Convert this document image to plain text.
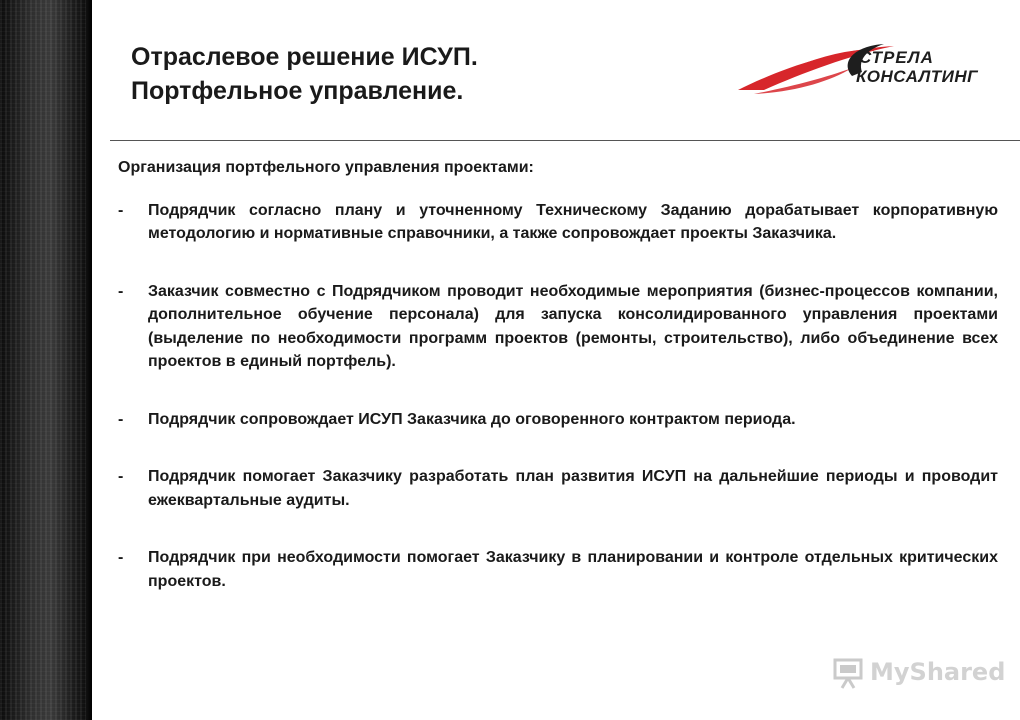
Отраслевое решение ИСУП.
Портфельное управление.
СТРЕЛА
КОНСАЛТИНГ

Организация портфельного управления проектами:

- Подрядчик согласно плану и уточненному Техническому Заданию дорабатывает корпоративную методологию и нормативные справочники, а также сопровождает проекты Заказчика.
- Заказчик совместно с Подрядчиком проводит необходимые мероприятия (бизнес-процессов компании, дополнительное обучение персонала) для запуска консолидированного управления проектами (выделение по необходимости программ проектов (ремонты, строительство), либо объединение всех проектов в единый портфель).
- Подрядчик сопровождает ИСУП Заказчика до оговоренного контрактом периода.
- Подрядчик помогает Заказчику разработать план развития ИСУП на дальнейшие периоды и проводит ежеквартальные аудиты.
- Подрядчик при необходимости помогает Заказчику в планировании и контроле отдельных критических проектов.
MyShared
